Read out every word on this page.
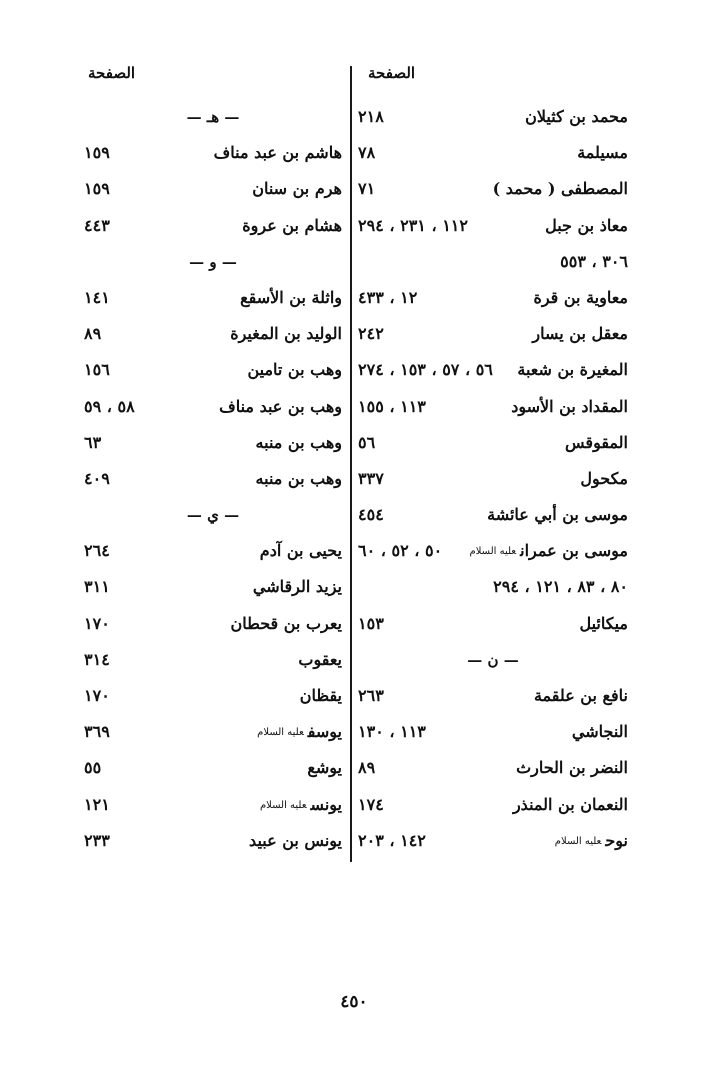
الصفحة
الصفحة
محمد بن كثيلان
٢١٨
مسيلمة
٧٨
المصطفى ( محمد )
٧١
معاذ بن جبل
١١٢ ، ٢٣١ ، ٢٩٤
٣٠٦ ، ٥٥٣
معاوية بن قرة
١٢ ، ٤٣٣
معقل بن يسار
٢٤٢
المغيرة بن شعبة
٥٦ ، ٥٧ ، ١٥٣ ، ٢٧٤
المقداد بن الأسود
١١٣ ، ١٥٥
المقوقس
٥٦
مكحول
٣٣٧
موسى بن أبي عائشة
٤٥٤
موسى بن عمرانعليه السلام
٥٠ ، ٥٢ ، ٦٠
٨٠ ، ٨٣ ، ١٢١ ، ٢٩٤
ميكائيل
١٥٣
— ن —
نافع بن علقمة
٢٦٣
النجاشي
١١٣ ، ١٣٠
النضر بن الحارث
٨٩
النعمان بن المنذر
١٧٤
نوحعليه السلام
١٤٢ ، ٢٠٣
— هـ —
هاشم بن عبد مناف
١٥٩
هرم بن سنان
١٥٩
هشام بن عروة
٤٤٣
— و —
واثلة بن الأسقع
١٤١
الوليد بن المغيرة
٨٩
وهب بن تامين
١٥٦
وهب بن عبد مناف
٥٨ ، ٥٩
وهب بن منبه
٦٣
وهب بن منبه
٤٠٩
— ي —
يحيى بن آدم
٢٦٤
يزيد الرقاشي
٣١١
يعرب بن قحطان
١٧٠
يعقوب
٣١٤
يقظان
١٧٠
يوسفعليه السلام
٣٦٩
يوشع
٥٥
يونسعليه السلام
١٢١
يونس بن عبيد
٢٣٣
٤٥٠
